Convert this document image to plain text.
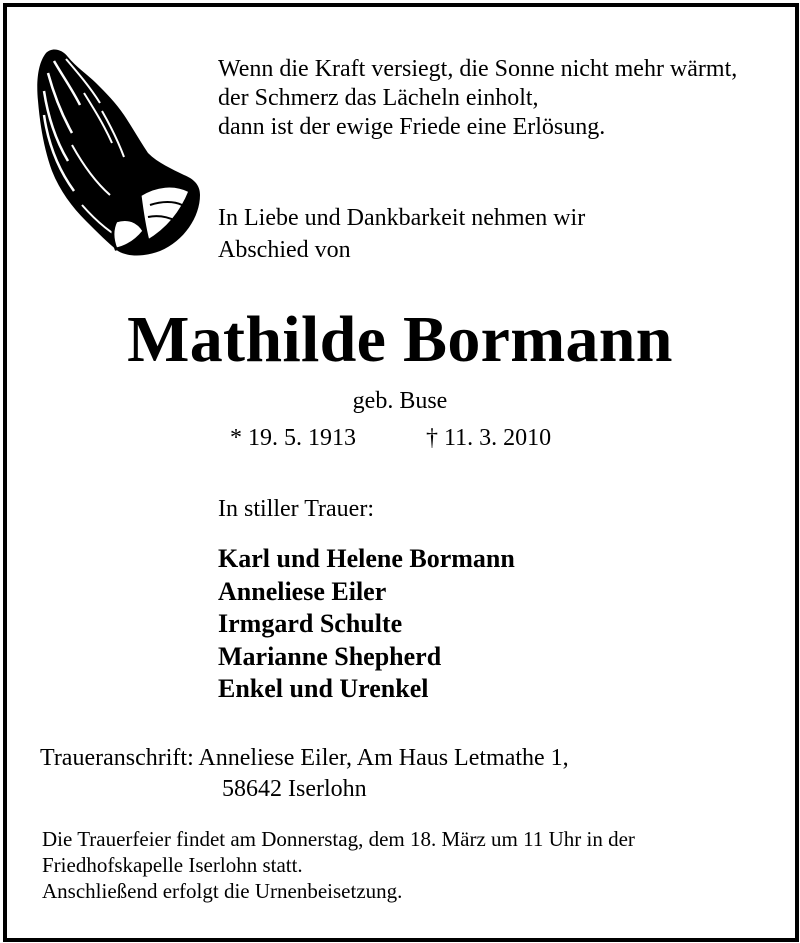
Wenn die Kraft versiegt, die Sonne nicht mehr wärmt,
der Schmerz das Lächeln einholt,
dann ist der ewige Friede eine Erlösung.
In Liebe und Dankbarkeit nehmen wir
Abschied von
Mathilde Bormann
geb. Buse
* 19. 5. 1913	† 11. 3. 2010
In stiller Trauer:
Karl und Helene Bormann
Anneliese Eiler
Irmgard Schulte
Marianne Shepherd
Enkel und Urenkel
Traueranschrift: Anneliese Eiler, Am Haus Letmathe 1,
58642 Iserlohn
Die Trauerfeier findet am Donnerstag, dem 18. März um 11 Uhr in der
Friedhofskapelle Iserlohn statt.
Anschließend erfolgt die Urnenbeisetzung.
